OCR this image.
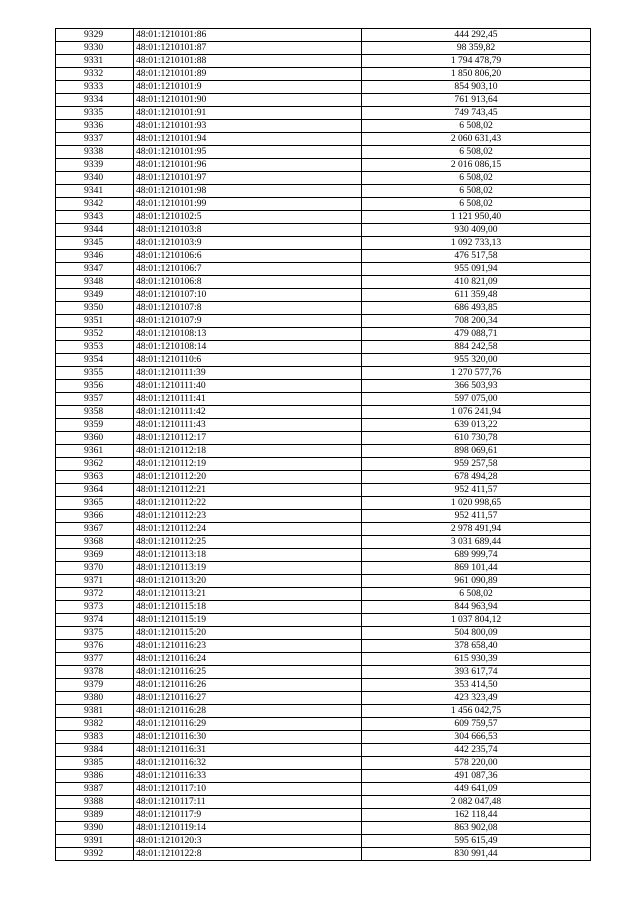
9329	48:01:1210101:86	444 292,45
9330	48:01:1210101:87	98 359,82
9331	48:01:1210101:88	1 794 478,79
9332	48:01:1210101:89	1 850 806,20
9333	48:01:1210101:9	854 903,10
9334	48:01:1210101:90	761 913,64
9335	48:01:1210101:91	749 743,45
9336	48:01:1210101:93	6 508,02
9337	48:01:1210101:94	2 060 631,43
9338	48:01:1210101:95	6 508,02
9339	48:01:1210101:96	2 016 086,15
9340	48:01:1210101:97	6 508,02
9341	48:01:1210101:98	6 508,02
9342	48:01:1210101:99	6 508,02
9343	48:01:1210102:5	1 121 950,40
9344	48:01:1210103:8	930 409,00
9345	48:01:1210103:9	1 092 733,13
9346	48:01:1210106:6	476 517,58
9347	48:01:1210106:7	955 091,94
9348	48:01:1210106:8	410 821,09
9349	48:01:1210107:10	611 359,48
9350	48:01:1210107:8	686 493,85
9351	48:01:1210107:9	708 200,34
9352	48:01:1210108:13	479 088,71
9353	48:01:1210108:14	884 242,58
9354	48:01:1210110:6	955 320,00
9355	48:01:1210111:39	1 270 577,76
9356	48:01:1210111:40	366 503,93
9357	48:01:1210111:41	597 075,00
9358	48:01:1210111:42	1 076 241,94
9359	48:01:1210111:43	639 013,22
9360	48:01:1210112:17	610 730,78
9361	48:01:1210112:18	898 069,61
9362	48:01:1210112:19	959 257,58
9363	48:01:1210112:20	678 494,28
9364	48:01:1210112:21	952 411,57
9365	48:01:1210112:22	1 020 998,65
9366	48:01:1210112:23	952 411,57
9367	48:01:1210112:24	2 978 491,94
9368	48:01:1210112:25	3 031 689,44
9369	48:01:1210113:18	689 999,74
9370	48:01:1210113:19	869 101,44
9371	48:01:1210113:20	961 090,89
9372	48:01:1210113:21	6 508,02
9373	48:01:1210115:18	844 963,94
9374	48:01:1210115:19	1 037 804,12
9375	48:01:1210115:20	504 800,09
9376	48:01:1210116:23	378 658,40
9377	48:01:1210116:24	615 930,39
9378	48:01:1210116:25	393 617,74
9379	48:01:1210116:26	353 414,50
9380	48:01:1210116:27	423 323,49
9381	48:01:1210116:28	1 456 042,75
9382	48:01:1210116:29	609 759,57
9383	48:01:1210116:30	304 666,53
9384	48:01:1210116:31	442 235,74
9385	48:01:1210116:32	578 220,00
9386	48:01:1210116:33	491 087,36
9387	48:01:1210117:10	449 641,09
9388	48:01:1210117:11	2 082 047,48
9389	48:01:1210117:9	162 118,44
9390	48:01:1210119:14	863 902,08
9391	48:01:1210120:3	595 615,49
9392	48:01:1210122:8	830 991,44
